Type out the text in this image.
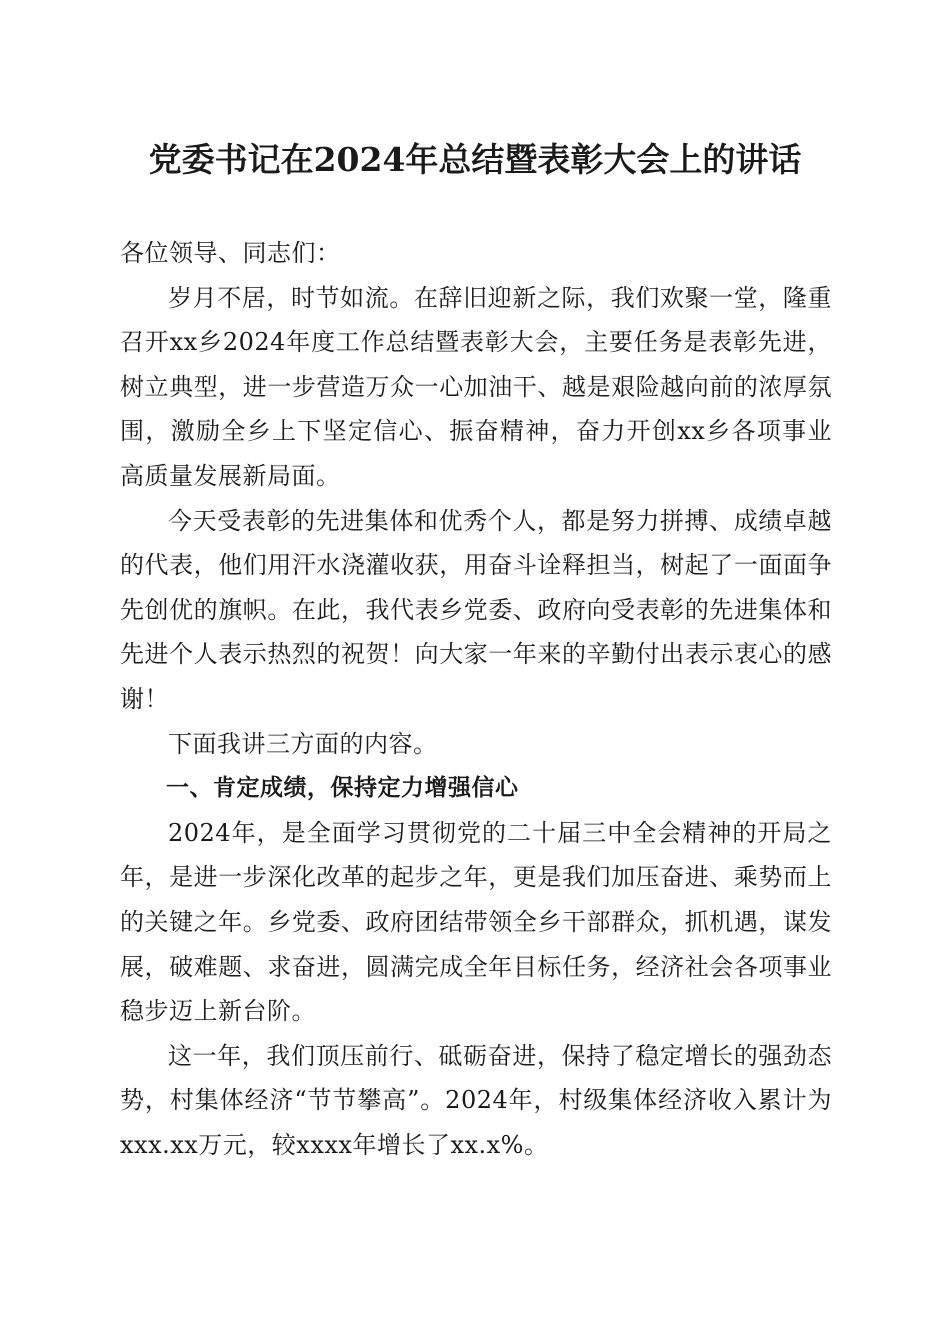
党委书记在2024年总结暨表彰大会上的讲话

各位领导、同志们：

岁月不居，时节如流。在辞旧迎新之际，我们欢聚一堂，隆重召开xx乡2024年度工作总结暨表彰大会，主要任务是表彰先进，树立典型，进一步营造万众一心加油干、越是艰险越向前的浓厚氛围，激励全乡上下坚定信心、振奋精神，奋力开创xx乡各项事业高质量发展新局面。

今天受表彰的先进集体和优秀个人，都是努力拼搏、成绩卓越的代表，他们用汗水浇灌收获，用奋斗诠释担当，树起了一面面争先创优的旗帜。在此，我代表乡党委、政府向受表彰的先进集体和先进个人表示热烈的祝贺！向大家一年来的辛勤付出表示衷心的感谢！

下面我讲三方面的内容。

一、肯定成绩，保持定力增强信心

2024年，是全面学习贯彻党的二十届三中全会精神的开局之年，是进一步深化改革的起步之年，更是我们加压奋进、乘势而上的关键之年。乡党委、政府团结带领全乡干部群众，抓机遇，谋发展，破难题、求奋进，圆满完成全年目标任务，经济社会各项事业稳步迈上新台阶。

这一年，我们顶压前行、砥砺奋进，保持了稳定增长的强劲态势，村集体经济“节节攀高”。2024年，村级集体经济收入累计为xxx.xx万元，较xxxx年增长了xx.x%。
